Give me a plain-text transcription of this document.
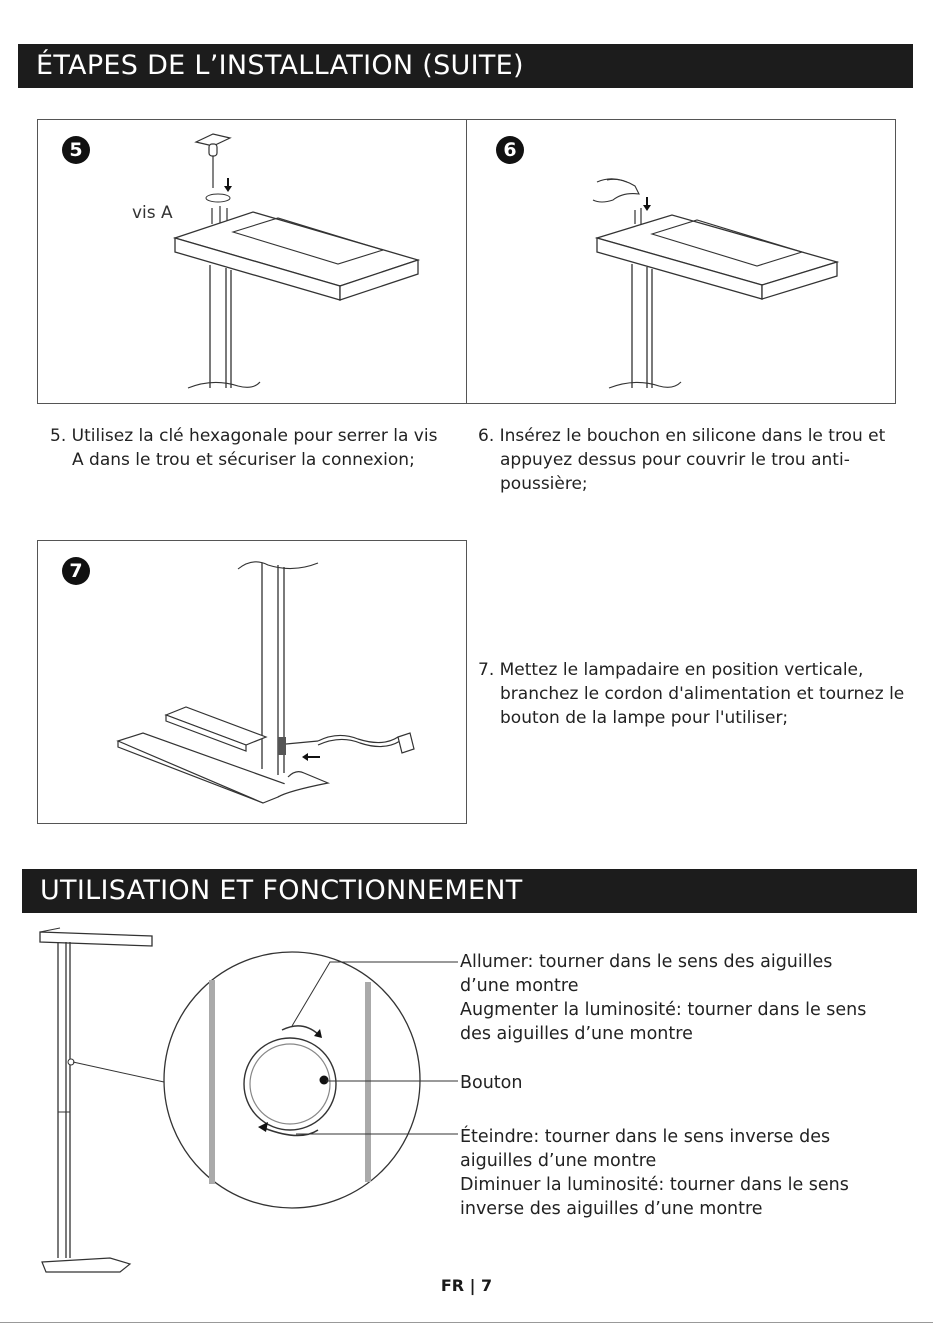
ÉTAPES DE L’INSTALLATION (SUITE)
5
vis A
6
5. Utilisez la clé hexagonale pour serrer la vis A dans le trou et sécuriser la connexion;
6. Insérez le bouchon en silicone dans le trou et appuyez dessus pour couvrir le trou anti-poussière;
7
7. Mettez le lampadaire en position verticale, branchez le cordon d'alimentation et tournez le bouton de la lampe pour l'utiliser;
UTILISATION ET FONCTIONNEMENT
Allumer: tourner dans le sens des aiguilles
d’une montre
Augmenter la luminosité: tourner dans le sens
des aiguilles d’une montre
Bouton
Éteindre: tourner dans le sens inverse des
aiguilles d’une montre
Diminuer la luminosité: tourner dans le sens
inverse des aiguilles d’une montre
FR | 7
